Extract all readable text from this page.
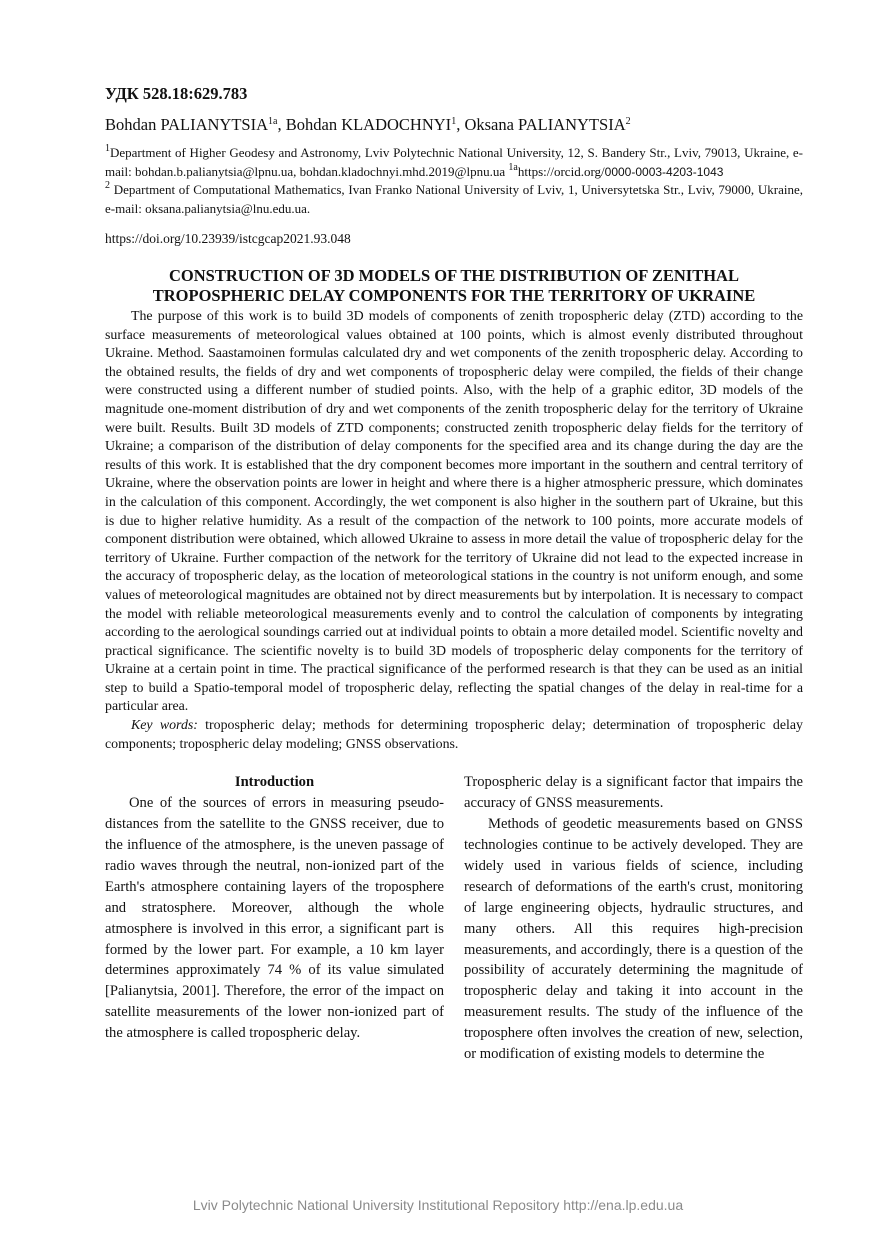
УДК 528.18:629.783
Bohdan $PALIANYTSIA^{1a}$, Bohdan KLADOCHNYI$^1$, Oksana PALIANYTSIA$^2$
$^1$Department of Higher Geodesy and Astronomy, Lviv Polytechnic National University, 12, S. Bandery Str., Lviv, 79013, Ukraine, e-mail: bohdan.b.palianytsia@lpnu.ua, bohdan.kladochnyi.mhd.2019@lpnu.ua $^{1a}$https://orcid.org/0000-0003-4203-1043
$^2$ Department of Computational Mathematics, Ivan Franko National University of Lviv, 1, Universytetska Str., Lviv, 79000, Ukraine, e-mail: oksana.palianytsia@lnu.edu.ua.
https://doi.org/10.23939/istcgcap2021.93.048
CONSTRUCTION OF 3D MODELS OF THE DISTRIBUTION OF ZENITHAL
TROPOSPHERIC DELAY COMPONENTS FOR THE TERRITORY OF UKRAINE

The purpose of this work is to build 3D models of components of zenith tropospheric delay (ZTD) according to the surface measurements of meteorological values obtained at 100 points, which is almost evenly distributed throughout Ukraine. Method. Saastamoinen formulas calculated dry and wet components of the zenith tropospheric delay. According to the obtained results, the fields of dry and wet components of tropospheric delay were compiled, the fields of their change were constructed using a different number of studied points. Also, with the help of a graphic editor, 3D models of the magnitude one-moment distribution of dry and wet components of the zenith tropospheric delay for the territory of Ukraine were built. Results. Built 3D models of ZTD components; constructed zenith tropospheric delay fields for the territory of Ukraine; a comparison of the distribution of delay components for the specified area and its change during the day are the results of this work. It is established that the dry component becomes more important in the southern and central territory of Ukraine, where the observation points are lower in height and where there is a higher atmospheric pressure, which dominates in the calculation of this component. Accordingly, the wet component is also higher in the southern part of Ukraine, but this is due to higher relative humidity. As a result of the compaction of the network to 100 points, more accurate models of component distribution were obtained, which allowed Ukraine to assess in more detail the value of tropospheric delay for the territory of Ukraine. Further compaction of the network for the territory of Ukraine did not lead to the expected increase in the accuracy of tropospheric delay, as the location of meteorological stations in the country is not uniform enough, and some values of meteorological magnitudes are obtained not by direct measurements but by interpolation. It is necessary to compact the model with reliable meteorological measurements evenly and to control the calculation of components by integrating according to the aerological soundings carried out at individual points to obtain a more detailed model. Scientific novelty and practical significance. The scientific novelty is to build 3D models of tropospheric delay components for the territory of Ukraine at a certain point in time. The practical significance of the performed research is that they can be used as an initial step to build a Spatio-temporal model of tropospheric delay, reflecting the spatial changes of the delay in real-time for a particular area.

Key words: tropospheric delay; methods for determining tropospheric delay; determination of tropospheric delay components; tropospheric delay modeling; GNSS observations.

Introduction

One of the sources of errors in measuring pseudo-distances from the satellite to the GNSS receiver, due to the influence of the atmosphere, is the uneven passage of radio waves through the neutral, non-ionized part of the Earth's atmosphere containing layers of the troposphere and stratosphere. Moreover, although the whole atmosphere is involved in this error, a significant part is formed by the lower part. For example, a 10 km layer determines approximately 74 % of its value simulated [Palianytsia, 2001]. Therefore, the error of the impact on satellite measurements of the lower non-ionized part of the atmosphere is called tropospheric delay.

Tropospheric delay is a significant factor that impairs the accuracy of GNSS measurements.

Methods of geodetic measurements based on GNSS technologies continue to be actively developed. They are widely used in various fields of science, including research of deformations of the earth's crust, monitoring of large engineering objects, hydraulic structures, and many others. All this requires high-precision measurements, and accordingly, there is a question of the possibility of accurately determining the magnitude of tropospheric delay and taking it into account in the measurement results. The study of the influence of the troposphere often involves the creation of new, selection, or modification of existing models to determine the

Lviv Polytechnic National University Institutional Repository http://ena.lp.edu.ua
